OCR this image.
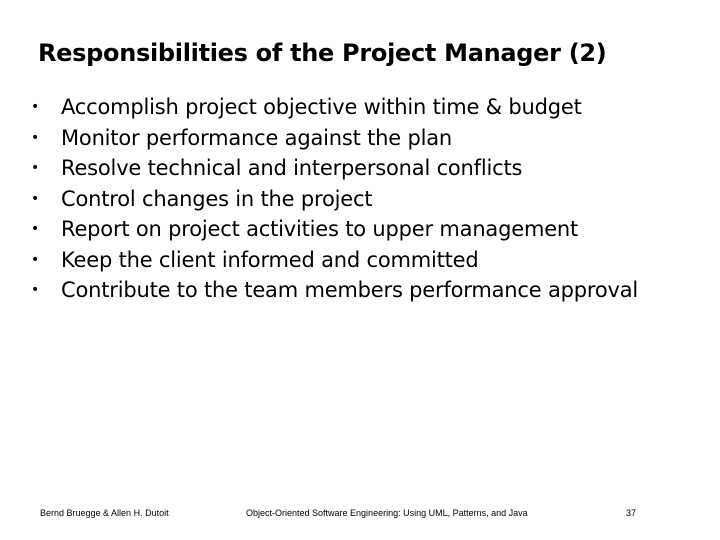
Responsibilities of the Project Manager (2)
• Accomplish project objective within time & budget
• Monitor performance against the plan
• Resolve technical and interpersonal conflicts
• Control changes in the project
• Report on project activities to upper management
• Keep the client informed and committed
• Contribute to the team members performance approval
Bernd Bruegge & Allen H. Dutoit	Object-Oriented Software Engineering: Using UML, Patterns, and Java	37
